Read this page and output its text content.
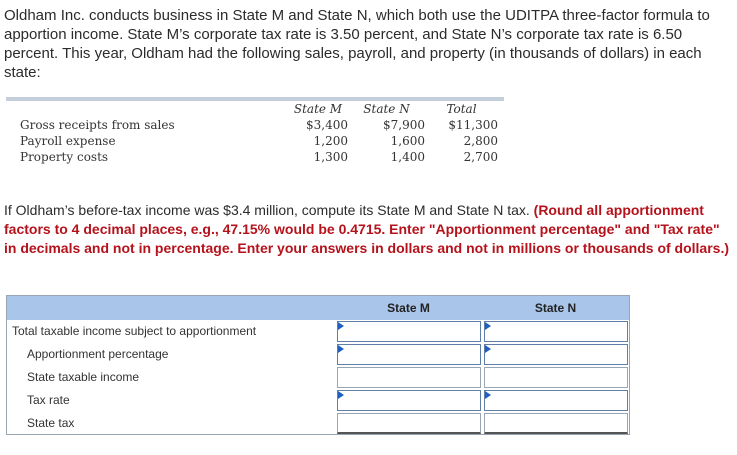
Oldham Inc. conducts business in State M and State N, which both use the UDITPA three-factor formula to apportion income. State M’s corporate tax rate is 3.50 percent, and State N’s corporate tax rate is 6.50 percent. This year, Oldham had the following sales, payroll, and property (in thousands of dollars) in each state:

State M	State N	Total
Gross receipts from sales	$3,400	$7,900	$11,300
Payroll expense	1,200	1,600	2,800
Property costs	1,300	1,400	2,700

If Oldham’s before-tax income was $3.4 million, compute its State M and State N tax. (Round all apportionment factors to 4 decimal places, e.g., 47.15% would be 0.4715. Enter "Apportionment percentage" and "Tax rate" in decimals and not in percentage. Enter your answers in dollars and not in millions or thousands of dollars.)

State M	State N
Total taxable income subject to apportionment
Apportionment percentage
State taxable income
Tax rate
State tax
